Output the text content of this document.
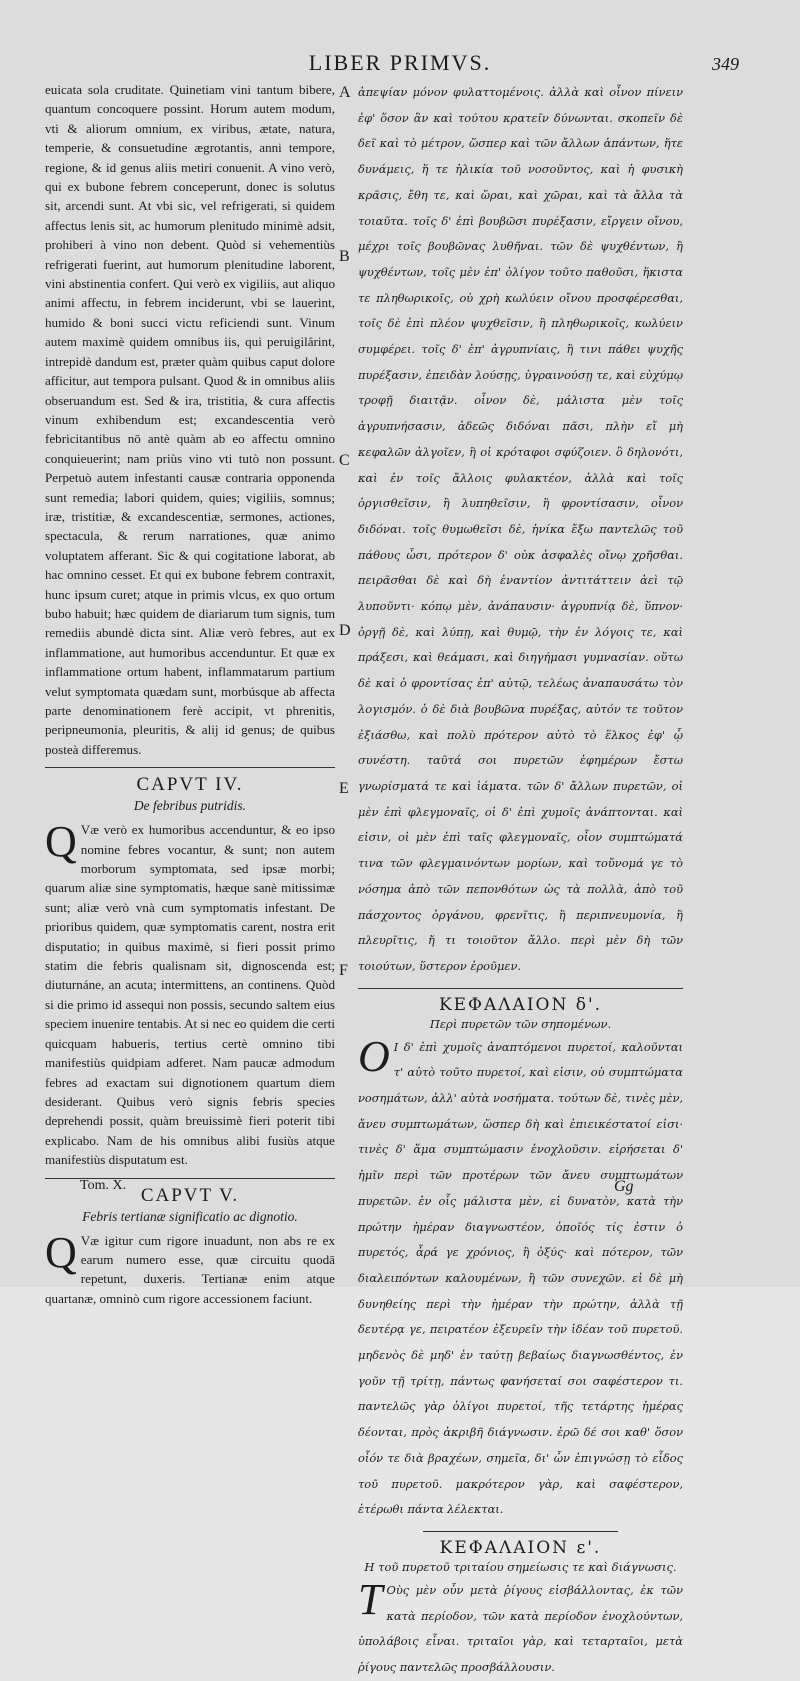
LIBER PRIMVS.	349

euicata sola cruditate. Quinetiam vini tantum bibere, quantum concoquere possint. Horum autem modum, vti & aliorum omnium, ex viribus, ætate, natura, temperie, & consuetudine ægrotantis, anni tempore, regione, & id genus aliis metiri conuenit. A vino verò, qui ex bubone febrem conceperunt, donec is solutus sit, arcendi sunt. At vbi sic, vel refrigerati, si quidem affectus lenis sit, ac humorum plenitudo minimè adsit, prohiberi à vino non debent. Quòd si vehementiùs refrigerati fuerint, aut humorum plenitudine laborent, vini abstinentia confert. Qui verò ex vigiliis, aut aliquo animi affectu, in febrem inciderunt, vbi se lauerint, humido & boni succi victu reficiendi sunt. Vinum autem maximè quidem omnibus iis, qui peruigilârint, intrepidè dandum est, præter quàm quibus caput dolore afficitur, aut tempora pulsant. Quod & in omnibus aliis obseruandum est. Sed & ira, tristitia, & cura affectis vinum exhibendum est; excandescentia verò febricitantibus nō antè quàm ab eo affectu omnino conquieuerint; nam priùs vino vti tutò non possunt. Perpetuò autem infestanti causæ contraria opponenda sunt remedia; labori quidem, quies; vigiliis, somnus; iræ, tristitiæ, & excandescentiæ, sermones, actiones, spectacula, & rerum narrationes, quæ animo voluptatem afferant. Sic & qui cogitatione laborat, ab hac omnino cesset. Et qui ex bubone febrem contraxit, hunc ipsum curet; atque in primis vlcus, ex quo ortum bubo habuit; hæc quidem de diariarum tum signis, tum remediis abundè dicta sint. Aliæ verò febres, aut ex inflammatione, aut humoribus accenduntur. Et quæ ex inflammatione ortum habent, inflammatarum partium velut symptomata quædam sunt, morbúsque ab affecta parte denominationem ferè accipit, vt phrenitis, peripneumonia, pleuritis, & alij id genus; de quibus posteà differemus.

CAPVT IV.
De febribus putridis.

Q Væ verò ex humoribus accenduntur, & eo ipso nomine febres vocantur, & sunt; non autem morborum symptomata, sed ipsæ morbi; quarum aliæ sine symptomatis, hæque sanè mitissimæ sunt; aliæ verò vnà cum symptomatis infestant. De prioribus quidem, quæ symptomatis carent, nostra erit disputatio; in quibus maximè, si fieri possit primo statim die febris qualisnam sit, dignoscenda est; diuturnáne, an acuta; intermittens, an continens. Quòd si die primo id assequi non possis, secundo saltem eius speciem inuenire tentabis. At si nec eo quidem die certi quicquam habueris, tertius certè omnino tibi manifestiùs quidpiam adferet. Nam paucæ admodum febres ad exactam sui dignotionem quartum diem desiderant. Quibus verò signis febris species deprehendi possit, quàm breuissimè fieri poterit tibi explicabo. Nam de his omnibus alibi fusiùs atque manifestiùs disputatum est.

CAPVT V.
Febris tertianæ significatio ac dignotio.

Q Væ igitur cum rigore inuadunt, non abs re ex earum numero esse, quæ circuitu quodā repetunt, duxeris. Tertianæ enim atque quartanæ, omninò cum rigore accessionem faciunt.

A
B
C
D
E
F

ἀπεψίαν μόνον φυλαττομένοις. ἀλλὰ καὶ οἶνον πίνειν ἐφ' ὅσον ἂν καὶ τούτου κρατεῖν δύνωνται. σκοπεῖν δὲ δεῖ καὶ τὸ μέτρον, ὥσπερ καὶ τῶν ἄλλων ἁπάντων, ἥτε δυνάμεις, ἥ τε ἡλικία τοῦ νοσοῦντος, καὶ ἡ φυσικὴ κρᾶσις, ἔθη τε, καὶ ὥραι, καὶ χῶραι, καὶ τὰ ἄλλα τὰ τοιαῦτα. τοῖς δ' ἐπὶ βουβῶσι πυρέξασιν, εἴργειν οἴνου, μέχρι τοῖς βουβῶνας λυθῆναι. τῶν δὲ ψυχθέντων, ἢ ψυχθέντων, τοῖς μὲν ἐπ' ὀλίγον τοῦτο παθοῦσι, ἥκιστα τε πληθωρικοῖς, οὐ χρὴ κωλύειν οἴνου προσφέρεσθαι, τοῖς δὲ ἐπὶ πλέον ψυχθεῖσιν, ἢ πληθωρικοῖς, κωλύειν συμφέρει. τοῖς δ' ἐπ' ἀγρυπνίαις, ἢ τινι πάθει ψυχῆς πυρέξασιν, ἐπειδὰν λούσῃς, ὑγραινούσῃ τε, καὶ εὐχύμῳ τροφῇ διαιτᾷν. οἶνον δὲ, μάλιστα μὲν τοῖς ἀγρυπνήσασιν, ἀδεῶς διδόναι πᾶσι, πλὴν εἴ μὴ κεφαλῶν ἀλγοῖεν, ἢ οἱ κρόταφοι σφύζοιεν. ὃ δηλονότι, καὶ ἐν τοῖς ἄλλοις φυλακτέον, ἀλλὰ καὶ τοῖς ὀργισθεῖσιν, ἢ λυπηθεῖσιν, ἢ φροντίσασιν, οἶνον διδόναι. τοῖς θυμωθεῖσι δὲ, ἡνίκα ἔξω παντελῶς τοῦ πάθους ὦσι, πρότερον δ' οὐκ ἀσφαλὲς οἴνῳ χρῆσθαι. πειρᾶσθαι δὲ καὶ δὴ ἐναντίον ἀντιτάττειν ἀεὶ τῷ λυποῦντι· κόπῳ μὲν, ἀνάπαυσιν· ἀγρυπνίᾳ δὲ, ὕπνον· ὀργῇ δὲ, καὶ λύπῃ, καὶ θυμῷ, τὴν ἐν λόγοις τε, καὶ πράξεσι, καὶ θεάμασι, καὶ διηγήμασι γυμνασίαν. οὕτω δὲ καὶ ὁ φροντίσας ἐπ' αὐτῷ, τελέως ἀναπαυσάτω τὸν λογισμόν. ὁ δὲ διὰ βουβῶνα πυρέξας, αὐτόν τε τοῦτον ἐξιάσθω, καὶ πολὺ πρότερον αὐτὸ τὸ ἕλκος ἐφ' ᾧ συνέστη. ταῦτά σοι πυρετῶν ἐφημέρων ἔστω γνωρίσματά τε καὶ ἰάματα. τῶν δ' ἄλλων πυρετῶν, οἱ μὲν ἐπὶ φλεγμοναῖς, οἱ δ' ἐπὶ χυμοῖς ἀνάπτονται. καὶ εἰσιν, οἱ μὲν ἐπὶ ταῖς φλεγμοναῖς, οἷον συμπτώματά τινα τῶν φλεγμαινόντων μορίων, καὶ τοὔνομά γε τὸ νόσημα ἀπὸ τῶν πεπονθότων ὡς τὰ πολλὰ, ἀπὸ τοῦ πάσχοντος ὀργάνου, φρενῖτις, ἢ περιπνευμονία, ἢ πλευρῖτις, ἤ τι τοιοῦτον ἄλλο. περὶ μὲν δὴ τῶν τοιούτων, ὕστερον ἐροῦμεν.

ΚΕΦΑΛΑΙΟΝ δ'.
Περὶ πυρετῶν τῶν σηπομένων.

Ο Ι δ' ἐπὶ χυμοῖς ἀναπτόμενοι πυρετοί, καλοῦνται τ' αὐτὸ τοῦτο πυρετοί, καὶ εἰσιν, οὐ συμπτώματα νοσημάτων, ἀλλ' αὐτὰ νοσήματα. τούτων δὲ, τινὲς μὲν, ἄνευ συμπτωμάτων, ὥσπερ δὴ καὶ ἐπιεικέστατοί εἰσι· τινὲς δ' ἅμα συμπτώμασιν ἐνοχλοῦσιν. εἰρήσεται δ' ἡμῖν περὶ τῶν προτέρων τῶν ἄνευ συμπτωμάτων πυρετῶν. ἐν οἷς μάλιστα μὲν, εἰ δυνατὸν, κατὰ τὴν πρώτην ἡμέραν διαγνωστέον, ὁποῖός τίς ἐστιν ὁ πυρετός, ἆρά γε χρόνιος, ἢ ὀξύς· καὶ πότερον, τῶν διαλειπόντων καλουμένων, ἢ τῶν συνεχῶν. εἰ δὲ μὴ δυνηθείης περὶ τὴν ἡμέραν τὴν πρώτην, ἀλλὰ τῇ δευτέρᾳ γε, πειρατέον ἐξευρεῖν τὴν ἰδέαν τοῦ πυρετοῦ. μηδενὸς δὲ μηδ' ἐν ταύτῃ βεβαίως διαγνωσθέντος, ἐν γοῦν τῇ τρίτῃ, πάντως φανήσεταί σοι σαφέστερον τι. παντελῶς γὰρ ὀλίγοι πυρετοί, τῆς τετάρτης ἡμέρας δέονται, πρὸς ἀκριβῆ διάγνωσιν. ἐρῶ δέ σοι καθ' ὅσον οἷόν τε διὰ βραχέων, σημεῖα, δι' ὧν ἐπιγνώσῃ τὸ εἶδος τοῦ πυρετοῦ. μακρότερον γὰρ, καὶ σαφέστερον, ἑτέρωθι πάντα λέλεκται.

ΚΕΦΑΛΑΙΟΝ ε'.
Η τοῦ πυρετοῦ τριταίου σημείωσις τε καὶ διάγνωσις.

Τ Οὺς μὲν οὖν μετὰ ῥίγους εἰσβάλλοντας, ἐκ τῶν κατὰ περίοδον, τῶν κατὰ περίοδον ἐνοχλούντων, ὑπολάβοις εἶναι. τριταῖοι γὰρ, καὶ τεταρταῖοι, μετὰ ῥίγους παντελῶς προσβάλλουσιν.

Tom. X.	Gg
